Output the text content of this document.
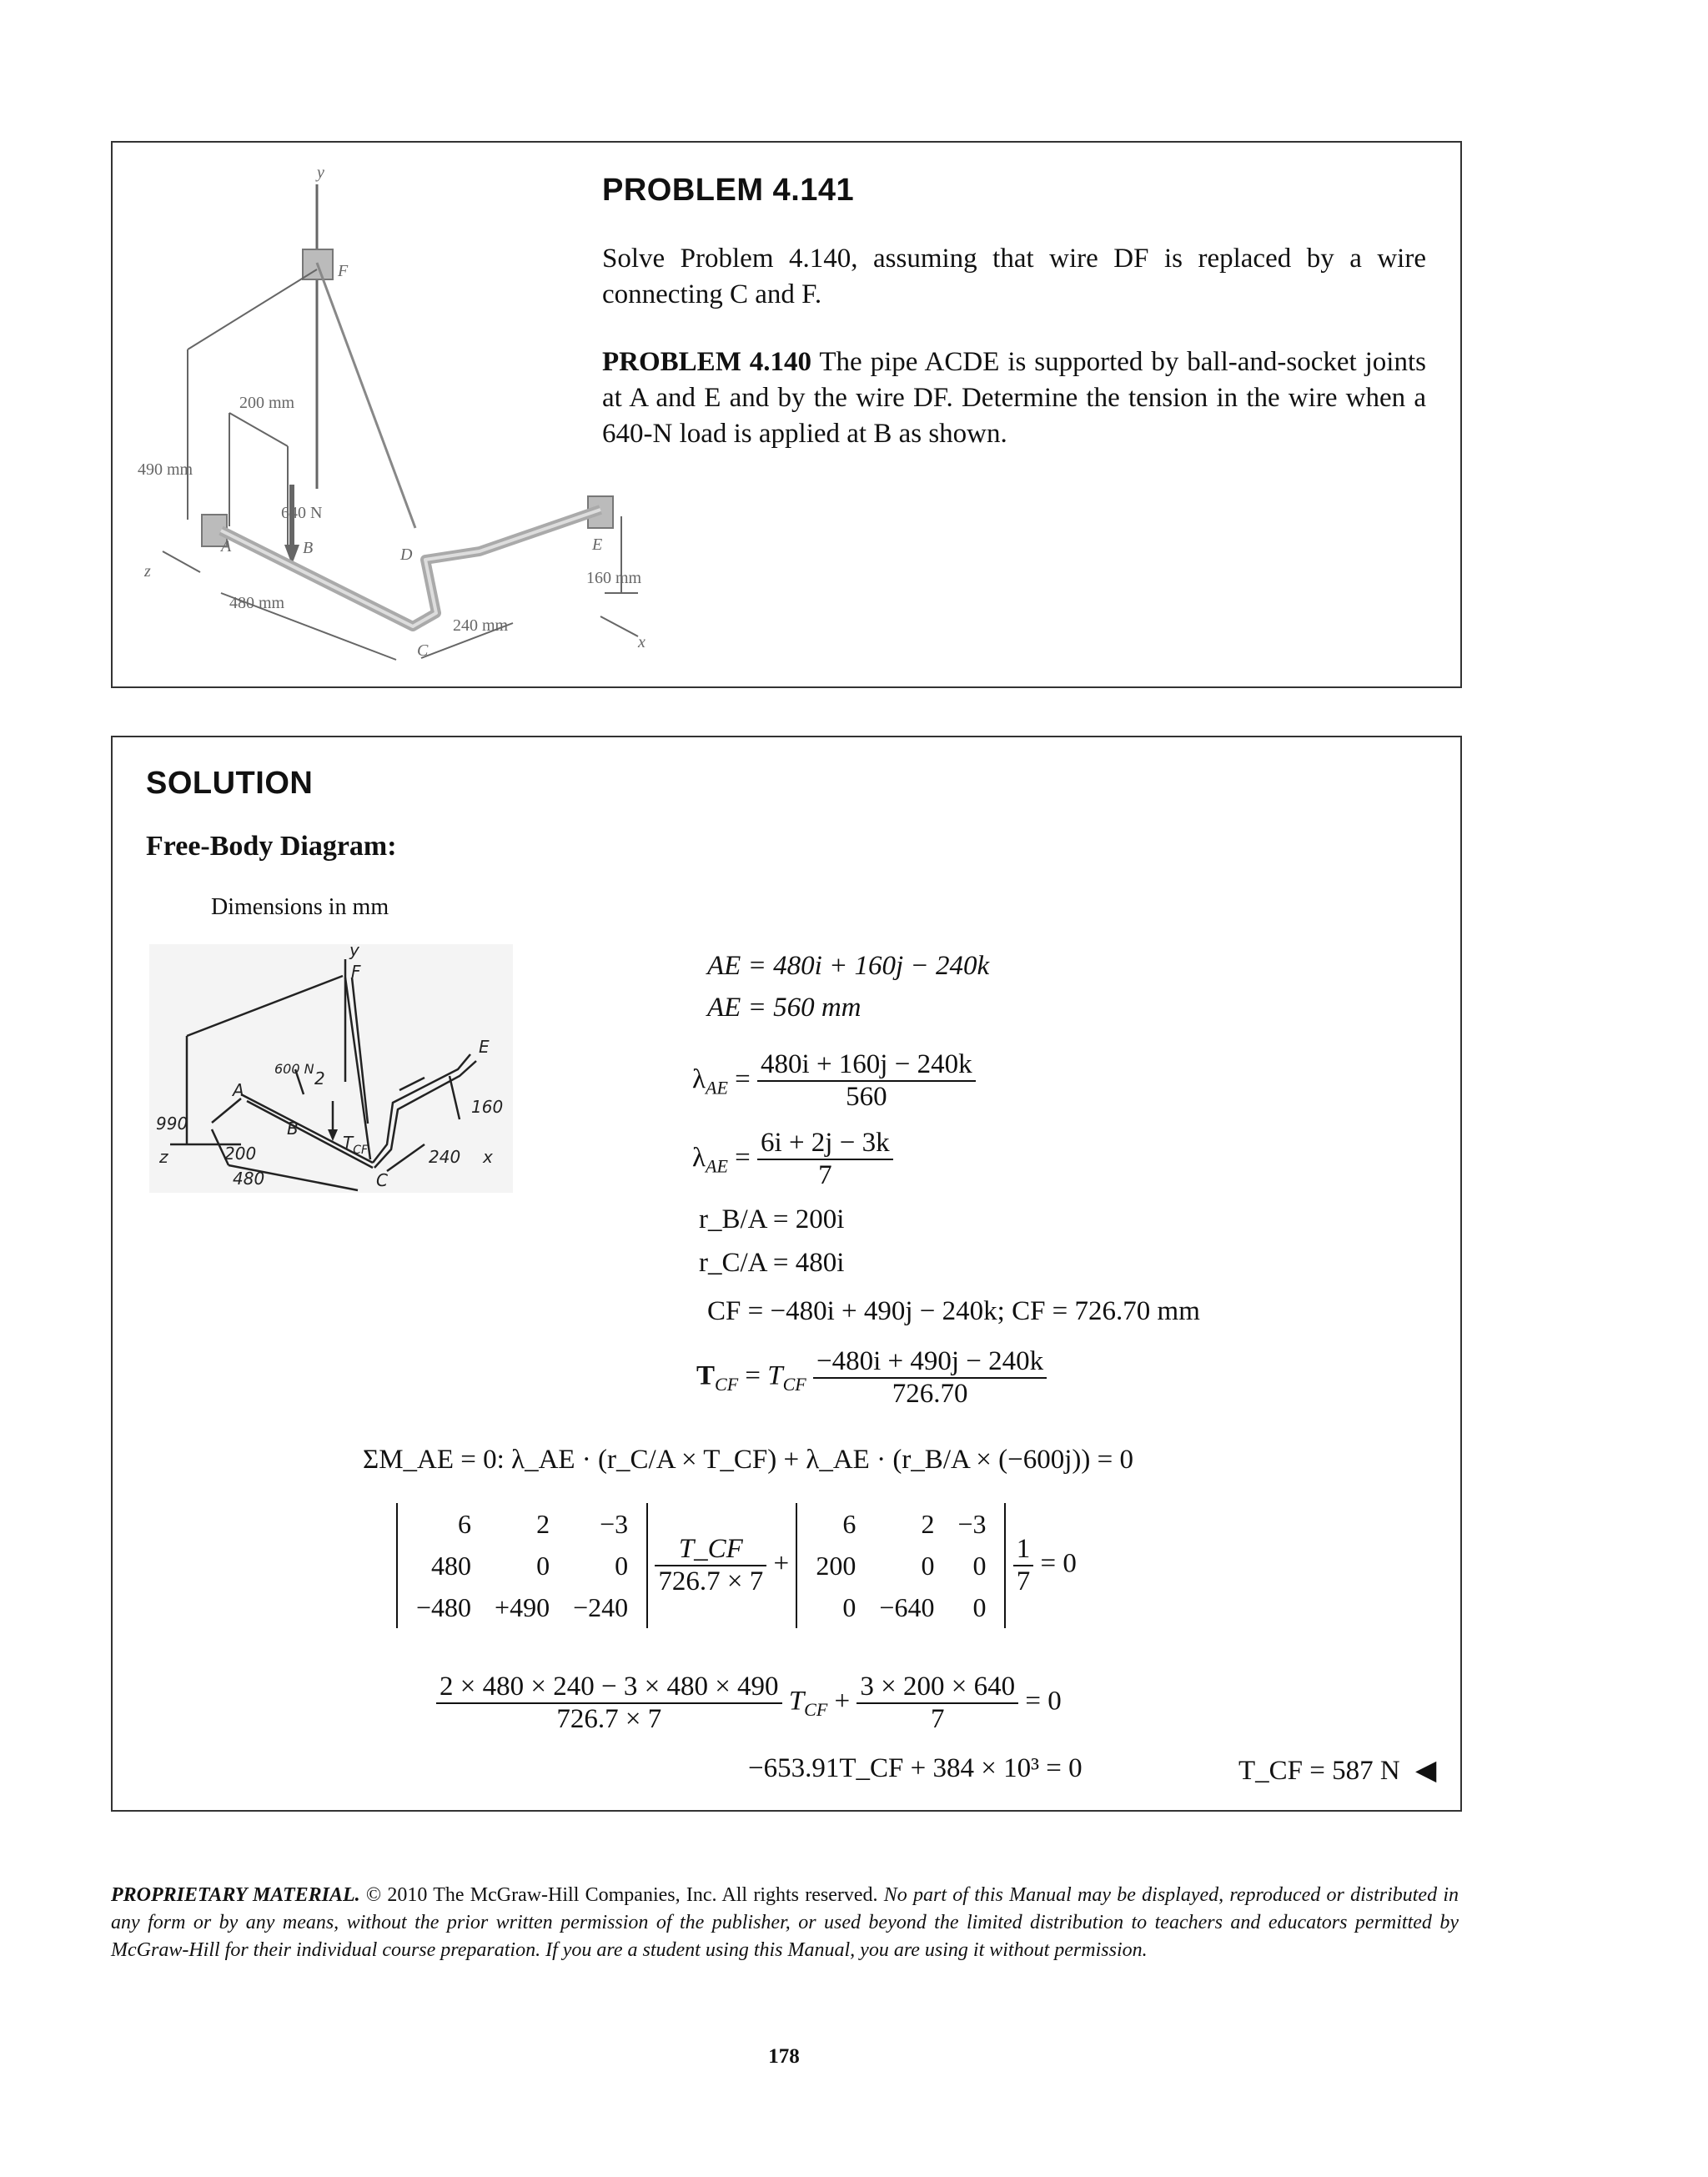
y
F
200 mm
490 mm
640 N
E
A	B	D
160 mm
z
480 mm
240 mm
x
C
PROBLEM 4.141
Solve Problem 4.140, assuming that wire DF is replaced by a wire connecting C and F.
PROBLEM 4.140 The pipe ACDE is supported by ball-and-socket joints at A and E and by the wire DF. Determine the tension in the wire when a 640-N load is applied at B as shown.
SOLUTION
Free-Body Diagram:
Dimensions in mm
y
F
990
A
600 N 2
$T_{CF}$
E
160
200
B
240
C
z
480
x
AE = 480i + 160j − 240k
AE = 560 mm
$\lambda_{AE} = \frac{480i + 160j - 240k}{560}$
$\lambda_{AE} = \frac{6i + 2j - 3k}{7}$
r_B/A = 200i
r_C/A = 480i
CF = −480i + 490j − 240k; CF = 726.70 mm
$T_{CF} = T_{CF} \frac{-480i + 490j - 240k}{726.70}$
ΣM_AE = 0: λ_AE · (r_C/A × T_CF) + λ_AE · (r_B/A × (−600j)) = 0
6	2	−3
480	0	0
−480	+490	−240

$\frac{T\_CF}{726.7 \times 7}$ +
6	2	−3
200	0	0
0	−640	0

$\frac{1}{7} = 0$
$\frac{2 \times 480 \times 240 - 3 \times 480 \times 490}{726.7 \times 7} T_{CF} + \frac{3 \times 200 \times 640}{7} = 0$
−653.91T_CF + 384 × 10³ = 0	T_CF = 587 N ◀
PROPRIETARY MATERIAL. © 2010 The McGraw-Hill Companies, Inc. All rights reserved. No part of this Manual may be displayed, reproduced or distributed in any form or by any means, without the prior written permission of the publisher, or used beyond the limited distribution to teachers and educators permitted by McGraw-Hill for their individual course preparation. If you are a student using this Manual, you are using it without permission.
178
